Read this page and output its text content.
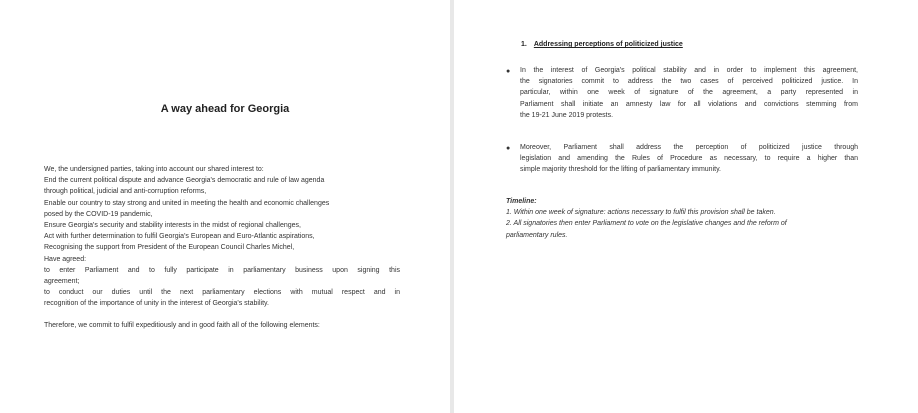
A way ahead for Georgia
We, the undersigned parties, taking into account our shared interest to:
End the current political dispute and advance Georgia's democratic and rule of law agenda
through political, judicial and anti-corruption reforms,
Enable our country to stay strong and united in meeting the health and economic challenges
posed by the COVID-19 pandemic,
Ensure Georgia's security and stability interests in the midst of regional challenges,
Act with further determination to fulfil Georgia's European and Euro-Atlantic aspirations,
Recognising the support from President of the European Council Charles Michel,
Have agreed:
to enter Parliament and to fully participate in parliamentary business upon signing this
agreement;
to conduct our duties until the next parliamentary elections with mutual respect and in
recognition of the importance of unity in the interest of Georgia's stability.
Therefore, we commit to fulfil expeditiously and in good faith all of the following elements:
1. Addressing perceptions of politicized justice
● In the interest of Georgia's political stability and in order to implement this agreement,
the signatories commit to address the two cases of perceived politicized justice. In
particular, within one week of signature of the agreement, a party represented in
Parliament shall initiate an amnesty law for all violations and convictions stemming from
the 19-21 June 2019 protests.
● Moreover, Parliament shall address the perception of politicized justice through
legislation and amending the Rules of Procedure as necessary, to require a higher than
simple majority threshold for the lifting of parliamentary immunity.
Timeline:
1. Within one week of signature: actions necessary to fulfil this provision shall be taken.
2. All signatories then enter Parliament to vote on the legislative changes and the reform of
parliamentary rules.
